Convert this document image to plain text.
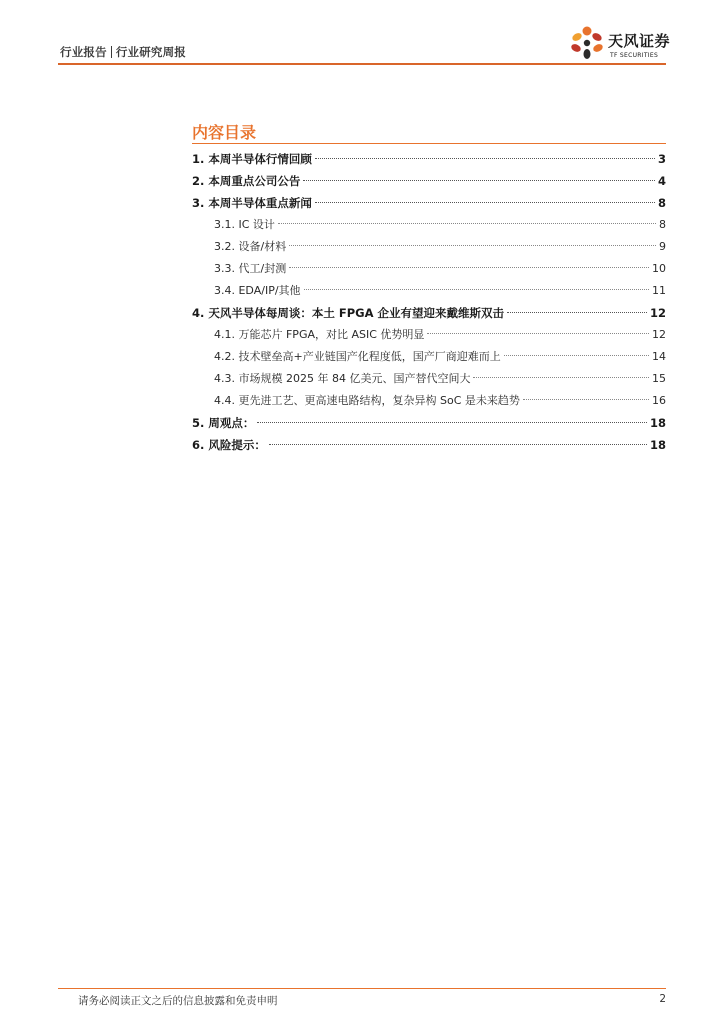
行业报告 行业研究周报
天风证券
TF SECURITIES
内容目录
1. 本周半导体行情回顾	3
2. 本周重点公司公告	4
3. 本周半导体重点新闻	8
3.1. IC 设计	8
3.2. 设备/材料	9
3.3. 代工/封测	10
3.4. EDA/IP/其他	11
4. 天风半导体每周谈：本土 FPGA 企业有望迎来戴维斯双击	12
4.1. 万能芯片 FPGA，对比 ASIC 优势明显	12
4.2. 技术壁垒高+产业链国产化程度低，国产厂商迎难而上	14
4.3. 市场规模 2025 年 84 亿美元、国产替代空间大	15
4.4. 更先进工艺、更高速电路结构，复杂异构 SoC 是未来趋势	16
5. 周观点：	18
6. 风险提示：	18
请务必阅读正文之后的信息披露和免责申明	2
